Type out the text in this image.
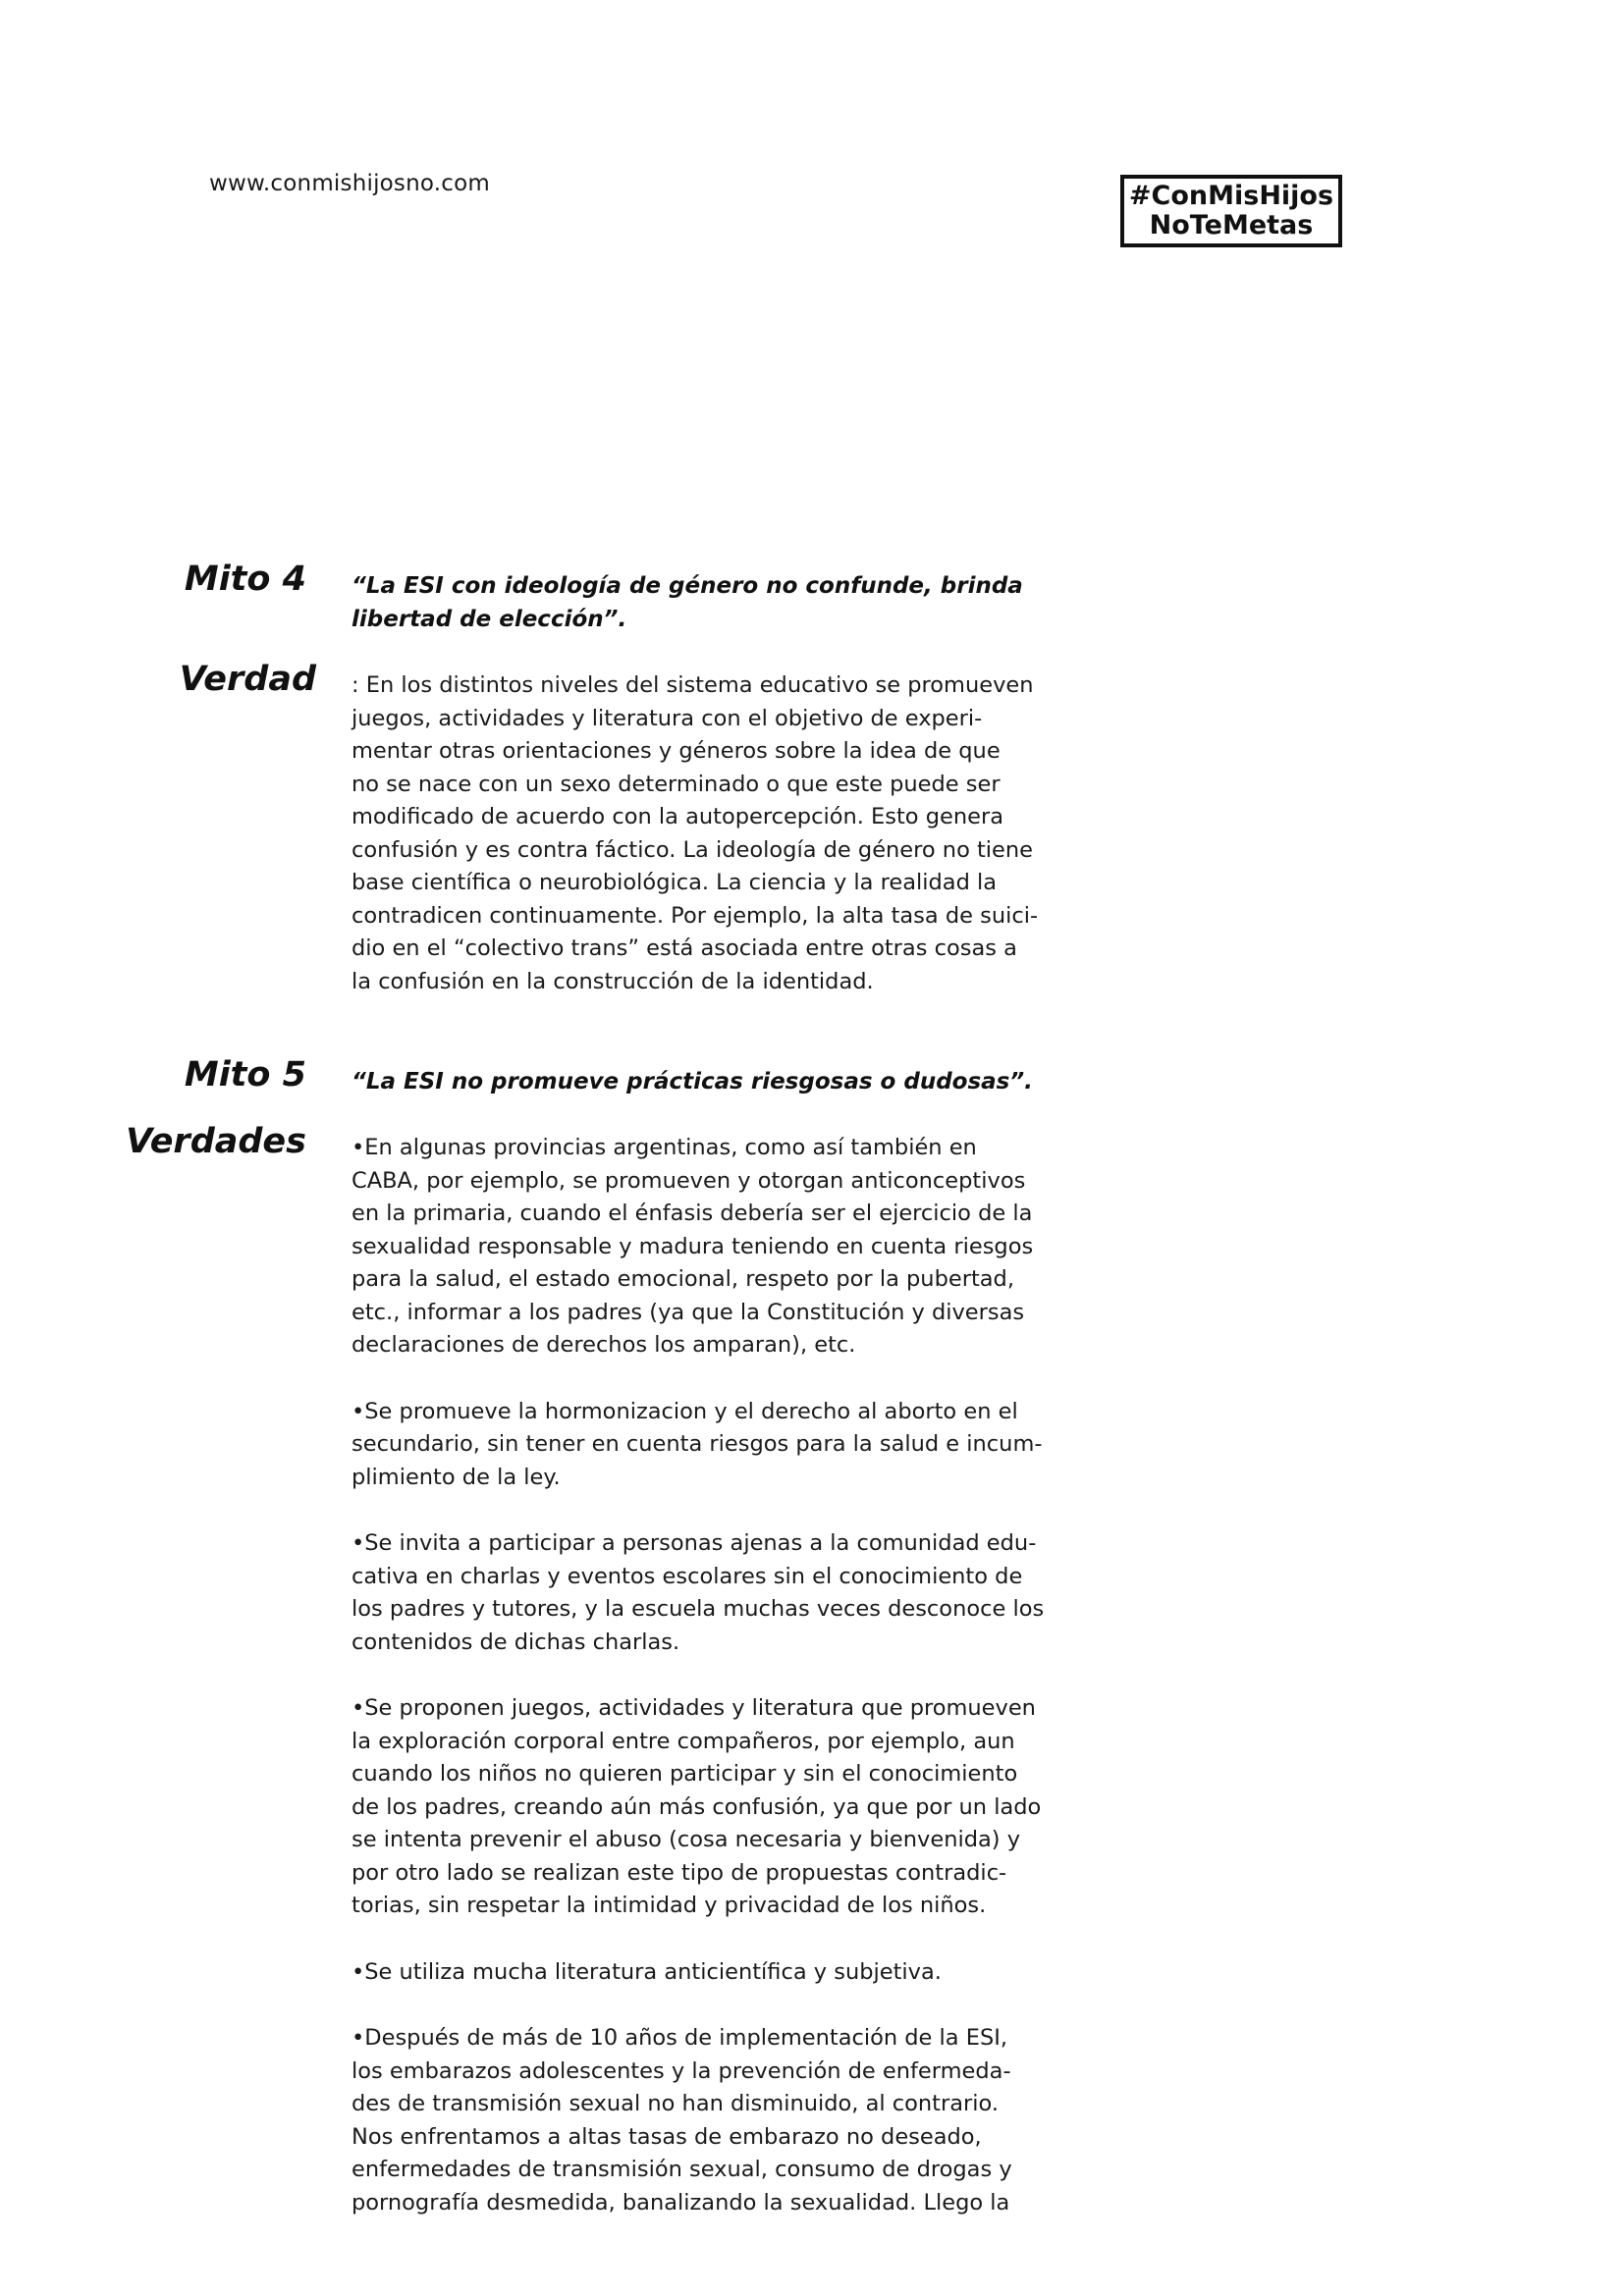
www.conmishijosno.com	#ConMisHijos
NoTeMetas
Mito 4 “La ESI con ideología de género no confunde, brinda
libertad de elección”.
Verdad : En los distintos niveles del sistema educativo se promueven
juegos, actividades y literatura con el objetivo de experi-
mentar otras orientaciones y géneros sobre la idea de que
no se nace con un sexo determinado o que este puede ser
modificado de acuerdo con la autopercepción. Esto genera
confusión y es contra fáctico. La ideología de género no tiene
base científica o neurobiológica. La ciencia y la realidad la
contradicen continuamente. Por ejemplo, la alta tasa de suici-
dio en el “colectivo trans” está asociada entre otras cosas a
la confusión en la construcción de la identidad.
Mito 5 “La ESI no promueve prácticas riesgosas o dudosas”.
Verdades •En algunas provincias argentinas, como así también en
CABA, por ejemplo, se promueven y otorgan anticonceptivos
en la primaria, cuando el énfasis debería ser el ejercicio de la
sexualidad responsable y madura teniendo en cuenta riesgos
para la salud, el estado emocional, respeto por la pubertad,
etc., informar a los padres (ya que la Constitución y diversas
declaraciones de derechos los amparan), etc.
•Se promueve la hormonizacion y el derecho al aborto en el
secundario, sin tener en cuenta riesgos para la salud e incum-
plimiento de la ley.
•Se invita a participar a personas ajenas a la comunidad edu-
cativa en charlas y eventos escolares sin el conocimiento de
los padres y tutores, y la escuela muchas veces desconoce los
contenidos de dichas charlas.
•Se proponen juegos, actividades y literatura que promueven
la exploración corporal entre compañeros, por ejemplo, aun
cuando los niños no quieren participar y sin el conocimiento
de los padres, creando aún más confusión, ya que por un lado
se intenta prevenir el abuso (cosa necesaria y bienvenida) y
por otro lado se realizan este tipo de propuestas contradic-
torias, sin respetar la intimidad y privacidad de los niños.
•Se utiliza mucha literatura anticientífica y subjetiva.
•Después de más de 10 años de implementación de la ESI,
los embarazos adolescentes y la prevención de enfermeda-
des de transmisión sexual no han disminuido, al contrario.
Nos enfrentamos a altas tasas de embarazo no deseado,
enfermedades de transmisión sexual, consumo de drogas y
pornografía desmedida, banalizando la sexualidad. Llego la
